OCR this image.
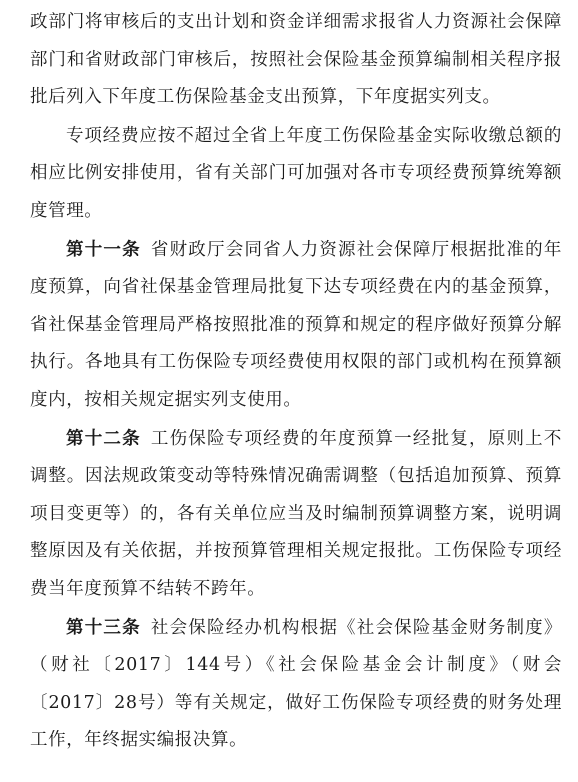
政部门将审核后的支出计划和资金详细需求报省人力资源社会保障部门和省财政部门审核后，按照社会保险基金预算编制相关程序报批后列入下年度工伤保险基金支出预算，下年度据实列支。

专项经费应按不超过全省上年度工伤保险基金实际收缴总额的相应比例安排使用，省有关部门可加强对各市专项经费预算统筹额度管理。

第十一条 省财政厅会同省人力资源社会保障厅根据批准的年度预算，向省社保基金管理局批复下达专项经费在内的基金预算，省社保基金管理局严格按照批准的预算和规定的程序做好预算分解执行。各地具有工伤保险专项经费使用权限的部门或机构在预算额度内，按相关规定据实列支使用。

第十二条 工伤保险专项经费的年度预算一经批复，原则上不调整。因法规政策变动等特殊情况确需调整（包括追加预算、预算项目变更等）的，各有关单位应当及时编制预算调整方案，说明调整原因及有关依据，并按预算管理相关规定报批。工伤保险专项经费当年度预算不结转不跨年。

第十三条 社会保险经办机构根据《社会保险基金财务制度》（财社〔2017〕144号）《社会保险基金会计制度》（财会〔2017〕28号）等有关规定，做好工伤保险专项经费的财务处理工作，年终据实编报决算。
